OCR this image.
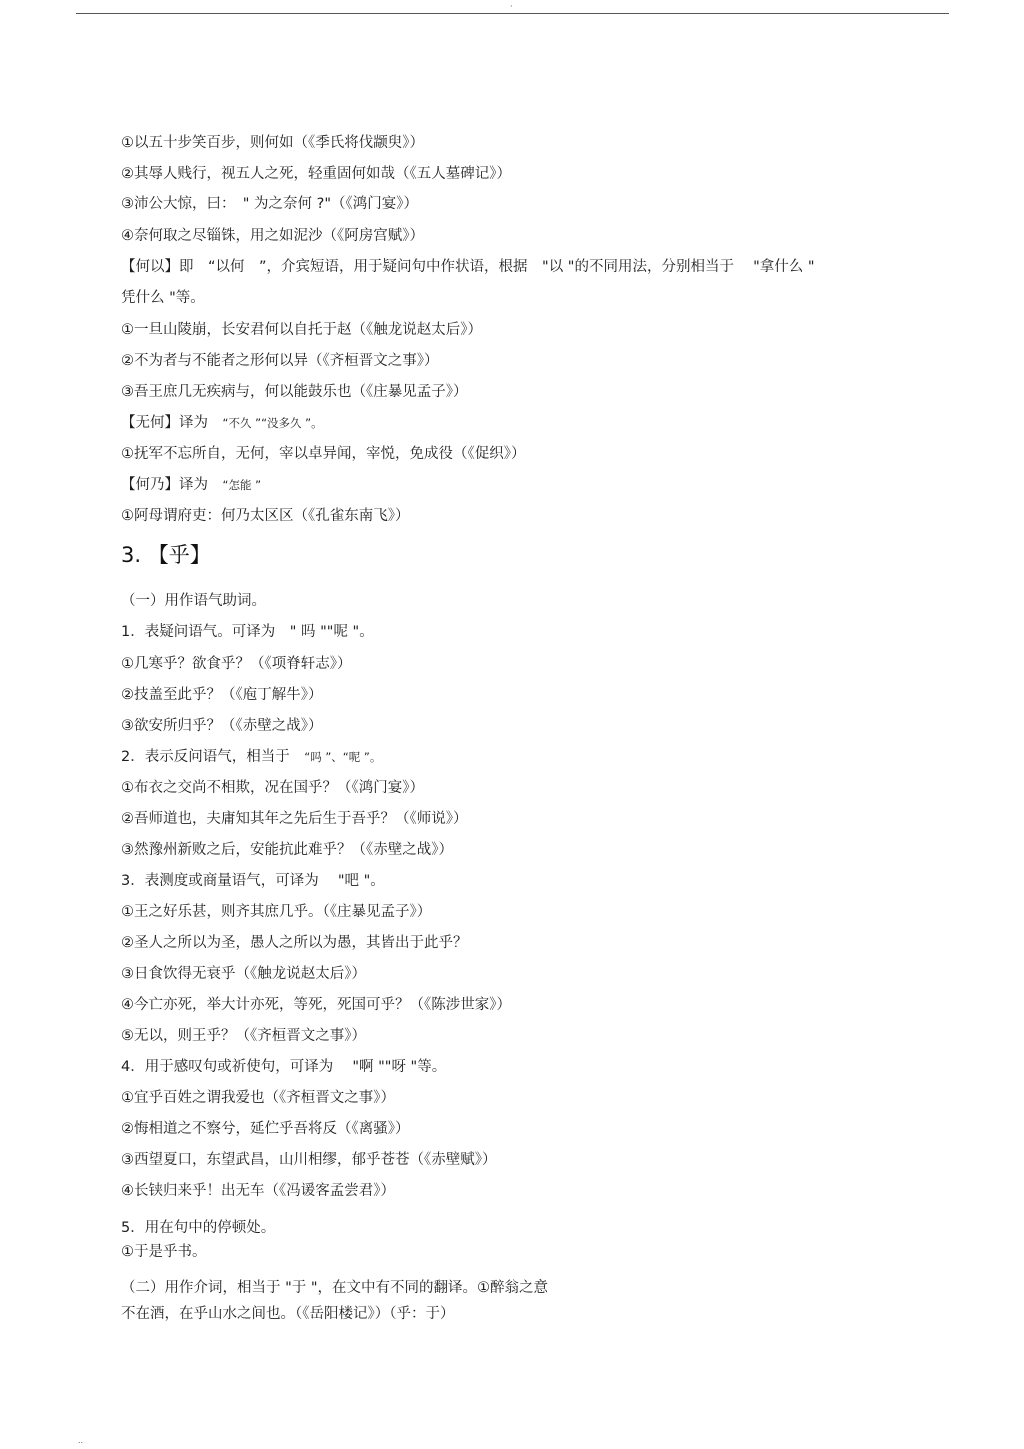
·
①以五十步笑百步，则何如（《季氏将伐颛臾》）
②其辱人贱行，视五人之死，轻重固何如哉（《五人墓碑记》）
③沛公大惊，曰：　" 为之奈何 ?"（《鸿门宴》）
④奈何取之尽锱铢，用之如泥沙（《阿房宫赋》）
【何以】即　“以何　”，介宾短语，用于疑问句中作状语，根据　"以 "的不同用法，分别相当于　 "拿什么 "
凭什么 "等。
①一旦山陵崩，长安君何以自托于赵（《触龙说赵太后》）
②不为者与不能者之形何以异（《齐桓晋文之事》）
③吾王庶几无疾病与，何以能鼓乐也（《庄暴见孟子》）
【无何】译为　“不久 ”“没多久 ”。
①抚军不忘所自，无何，宰以卓异闻，宰悦，免成役（《促织》）
【何乃】译为　“怎能 ”
①阿母谓府吏：何乃太区区（《孔雀东南飞》）
3. 【乎】
（一）用作语气助词。
1．表疑问语气。可译为　" 吗 ""呢 "。
①几寒乎？欲食乎？（《项脊轩志》）
②技盖至此乎？（《庖丁解牛》）
③欲安所归乎？（《赤壁之战》）
2．表示反问语气，相当于　“吗 ”、“呢 ”。
①布衣之交尚不相欺，况在国乎？（《鸿门宴》）
②吾师道也，夫庸知其年之先后生于吾乎？（《师说》）
③然豫州新败之后，安能抗此难乎？（《赤壁之战》）
3．表测度或商量语气，可译为　 "吧 "。
①王之好乐甚，则齐其庶几乎。（《庄暴见孟子》）
②圣人之所以为圣，愚人之所以为愚，其皆出于此乎？
③日食饮得无衰乎（《触龙说赵太后》）
④今亡亦死，举大计亦死，等死，死国可乎？（《陈涉世家》）
⑤无以，则王乎？（《齐桓晋文之事》）
4．用于感叹句或祈使句，可译为　 "啊 ""呀 "等。
①宜乎百姓之谓我爱也（《齐桓晋文之事》）
②悔相道之不察兮，延伫乎吾将反（《离骚》）
③西望夏口，东望武昌，山川相缪，郁乎苍苍（《赤壁赋》）
④长铗归来乎！出无车（《冯谖客孟尝君》）
5．用在句中的停顿处。
①于是乎书。
（二）用作介词，相当于 "于 "，在文中有不同的翻译。①醉翁之意
不在酒，在乎山水之间也。（《岳阳楼记》）（乎：于）
..
